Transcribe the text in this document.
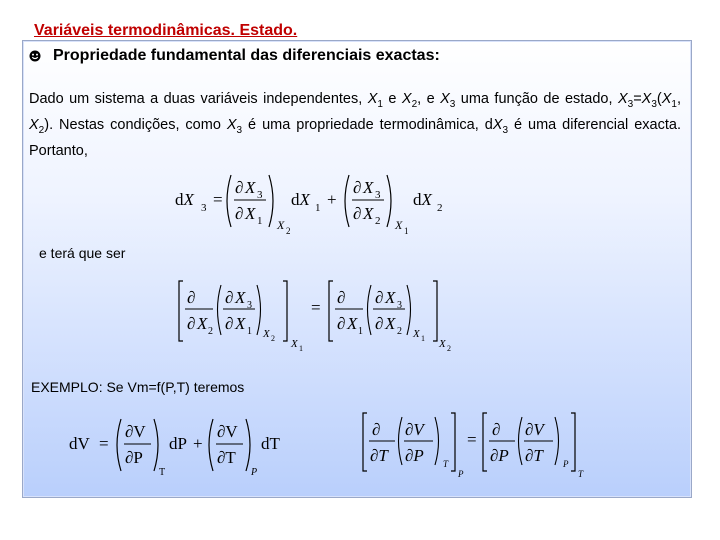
Variáveis termodinâmicas. Estado.
Propriedade fundamental das diferenciais exactas:
Dado um sistema a duas variáveis independentes, $X_1$ e $X_2$, e $X_3$ uma função de estado, $X_3=X_3(X_1$, $X_2$). Nestas condições, como $X_3$ é uma propriedade termodinâmica, $dX_3$ é uma diferencial exacta. Portanto,
dX 3 =
∂ X 3
∂ X 1 X 2
dX 1 +
∂ X 3
∂ X 2 X 1
dX 2
e terá que ser
∂
∂ X 2
∂ X 3
∂ X 1 X 2 X 1
=
∂
∂ X 1
∂ X 3
∂ X 2 X 1 X 2
EXEMPLO: Se Vm=f(P,T) teremos
dV =
∂V
∂P
T
dP +
∂V
∂T
P
dT
∂
∂T
∂V
∂P T
P
=
∂
∂P
∂V
∂T P
T
